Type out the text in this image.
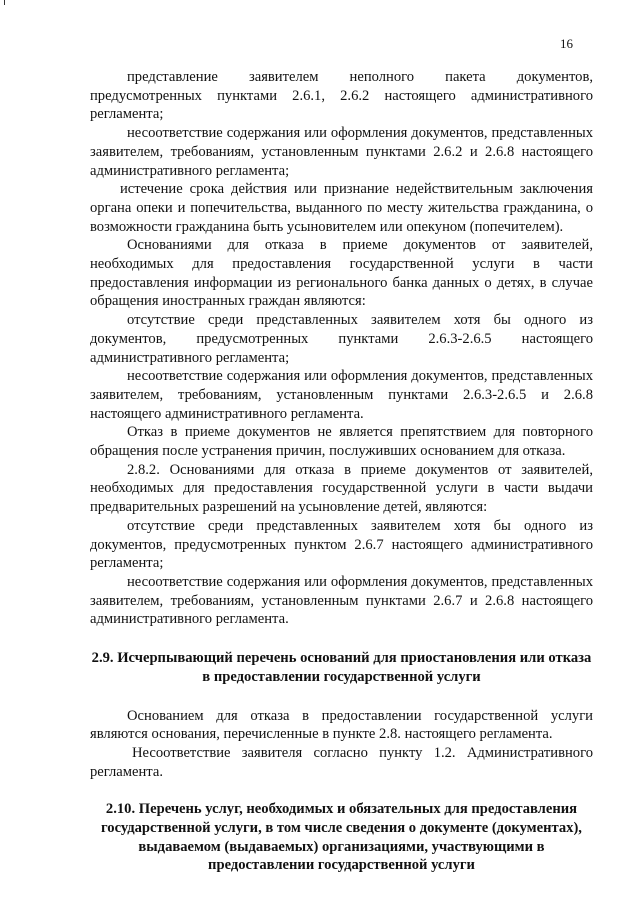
16

представление заявителем неполного пакета документов, предусмотренных пунктами 2.6.1, 2.6.2 настоящего административного регламента;

несоответствие содержания или оформления документов, представленных заявителем, требованиям, установленным пунктами 2.6.2 и 2.6.8 настоящего административного регламента;

истечение срока действия или признание недействительным заключения органа опеки и попечительства, выданного по месту жительства гражданина, о возможности гражданина быть усыновителем или опекуном (попечителем).

Основаниями для отказа в приеме документов от заявителей, необходимых для предоставления государственной услуги в части предоставления информации из регионального банка данных о детях, в случае обращения иностранных граждан являются:

отсутствие среди представленных заявителем хотя бы одного из документов, предусмотренных пунктами 2.6.3-2.6.5 настоящего административного регламента;

несоответствие содержания или оформления документов, представленных заявителем, требованиям, установленным пунктами 2.6.3-2.6.5 и 2.6.8 настоящего административного регламента.

Отказ в приеме документов не является препятствием для повторного обращения после устранения причин, послуживших основанием для отказа.

2.8.2. Основаниями для отказа в приеме документов от заявителей, необходимых для предоставления государственной услуги в части выдачи предварительных разрешений на усыновление детей, являются:

отсутствие среди представленных заявителем хотя бы одного из документов, предусмотренных пунктом 2.6.7 настоящего административного регламента;

несоответствие содержания или оформления документов, представленных заявителем, требованиям, установленным пунктами 2.6.7 и 2.6.8 настоящего административного регламента.

2.9. Исчерпывающий перечень оснований для приостановления или отказа в предоставлении государственной услуги

Основанием для отказа в предоставлении государственной услуги являются основания, перечисленные в пункте 2.8. настоящего регламента.

Несоответствие заявителя согласно пункту 1.2. Административного регламента.

2.10. Перечень услуг, необходимых и обязательных для предоставления государственной услуги, в том числе сведения о документе (документах), выдаваемом (выдаваемых) организациями, участвующими в предоставлении государственной услуги
